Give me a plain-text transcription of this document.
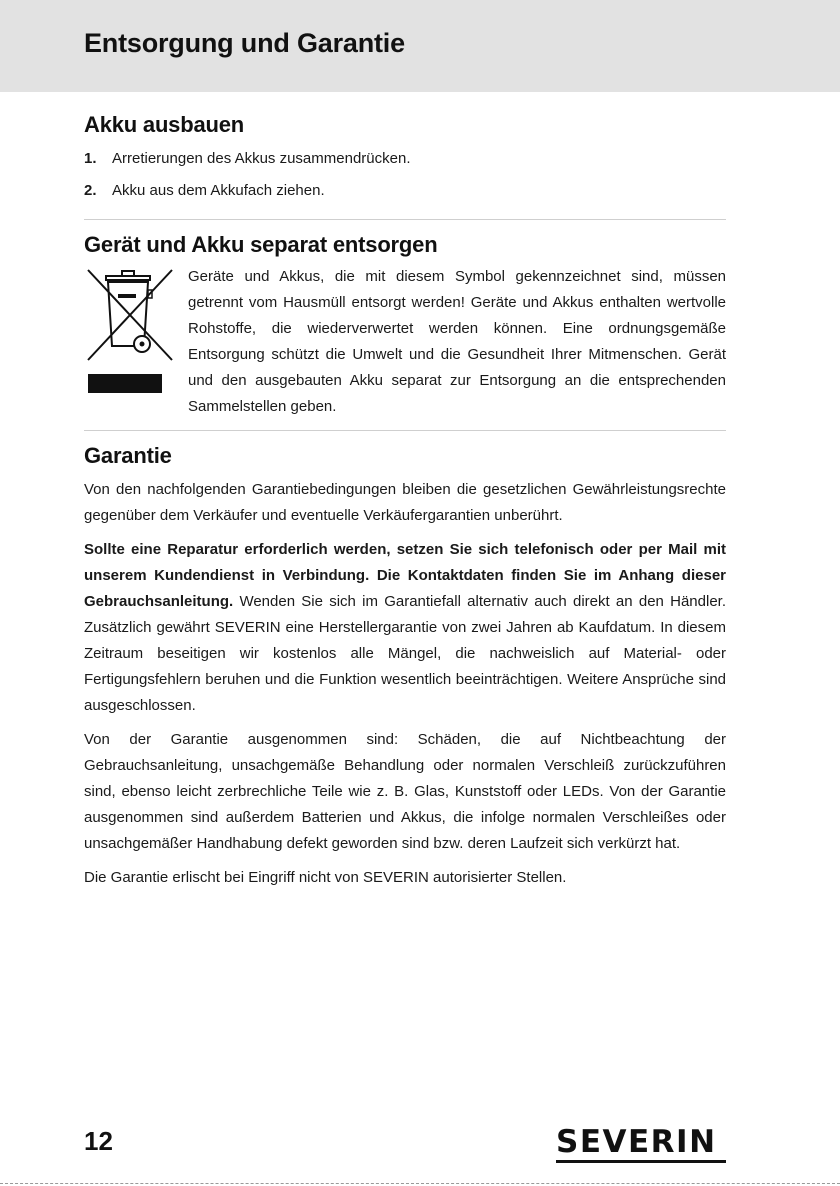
Entsorgung und Garantie
Akku ausbauen
1.	Arretierungen des Akkus zusammendrücken.
2.	Akku aus dem Akkufach ziehen.
Gerät und Akku separat entsorgen

Geräte und Akkus, die mit diesem Symbol gekennzeichnet sind, müssen getrennt vom Hausmüll entsorgt werden! Geräte und Akkus enthalten wertvolle Rohstoffe, die wiederverwertet werden können. Eine ordnungsgemäße Entsorgung schützt die Umwelt und die Gesundheit Ihrer Mitmenschen. Gerät und den ausgebauten Akku separat zur Entsorgung an die entsprechenden Sammelstellen geben.

Garantie

Von den nachfolgenden Garantiebedingungen bleiben die gesetzlichen Gewährleistungsrechte gegenüber dem Verkäufer und eventuelle Verkäufergarantien unberührt.

Sollte eine Reparatur erforderlich werden, setzen Sie sich telefonisch oder per Mail mit unserem Kundendienst in Verbindung. Die Kontaktdaten finden Sie im Anhang dieser Gebrauchsanleitung. Wenden Sie sich im Garantiefall alternativ auch direkt an den Händler. Zusätzlich gewährt SEVERIN eine Herstellergarantie von zwei Jahren ab Kaufdatum. In diesem Zeitraum beseitigen wir kostenlos alle Mängel, die nachweislich auf Material- oder Fertigungsfehlern beruhen und die Funktion wesentlich beeinträchtigen. Weitere Ansprüche sind ausgeschlossen.

Von der Garantie ausgenommen sind: Schäden, die auf Nichtbeachtung der Gebrauchsanleitung, unsachgemäße Behandlung oder normalen Verschleiß zurückzuführen sind, ebenso leicht zerbrechliche Teile wie z. B. Glas, Kunststoff oder LEDs. Von der Garantie ausgenommen sind außerdem Batterien und Akkus, die infolge normalen Verschleißes oder unsachgemäßer Handhabung defekt geworden sind bzw. deren Laufzeit sich verkürzt hat.

Die Garantie erlischt bei Eingriff nicht von SEVERIN autorisierter Stellen.

12	SEVERIN
